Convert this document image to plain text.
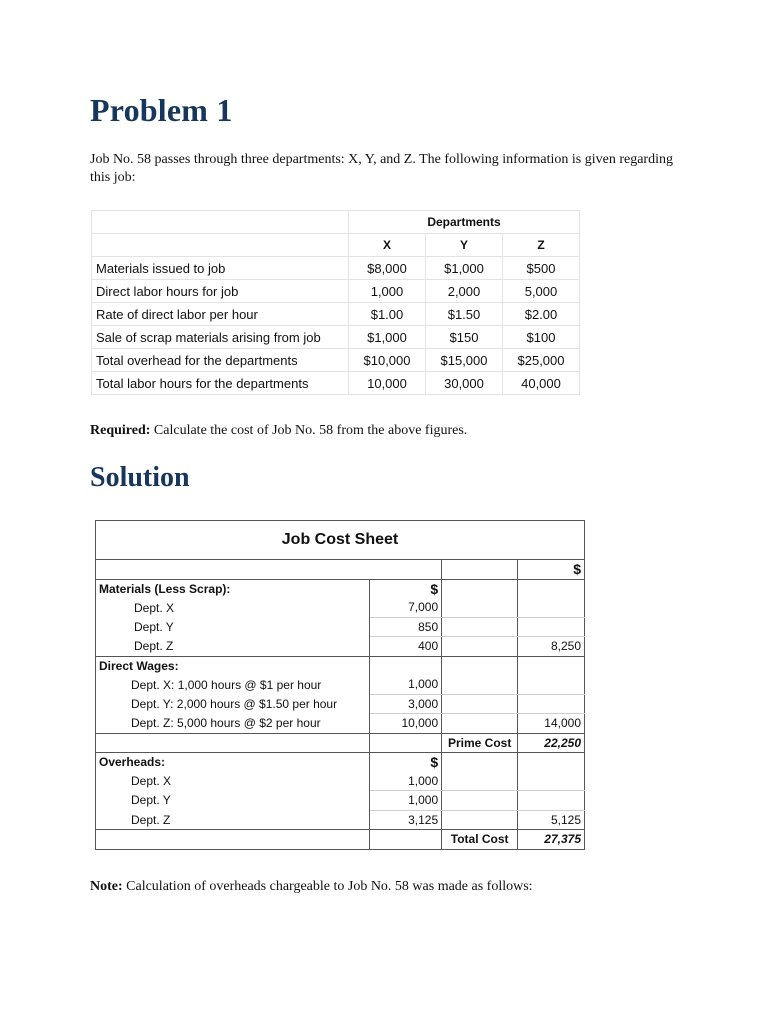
Problem 1

Job No. 58 passes through three departments: X, Y, and Z. The following information is given regarding this job:

	Departments		
	X	Y	Z
Materials issued to job	$8,000	$1,000	$500
Direct labor hours for job	1,000	2,000	5,000
Rate of direct labor per hour	$1.00	$1.50	$2.00
Sale of scrap materials arising from job	$1,000	$150	$100
Total overhead for the departments	$10,000	$15,000	$25,000
Total labor hours for the departments	10,000	30,000	40,000

Required: Calculate the cost of Job No. 58 from the above figures.

Solution
Job Cost Sheet			
			$
Materials (Less Scrap):	$		
Dept. X	7,000		
Dept. Y	850		
Dept. Z	400		8,250
Direct Wages:			
Dept. X: 1,000 hours @ $1 per hour	1,000		
Dept. Y: 2,000 hours @ $1.50 per hour	3,000		
Dept. Z: 5,000 hours @ $2 per hour	10,000		14,000
		Prime Cost	22,250
Overheads:	$		
Dept. X	1,000		
Dept. Y	1,000		
Dept. Z	3,125		5,125
		Total Cost	27,375

Note: Calculation of overheads chargeable to Job No. 58 was made as follows:
